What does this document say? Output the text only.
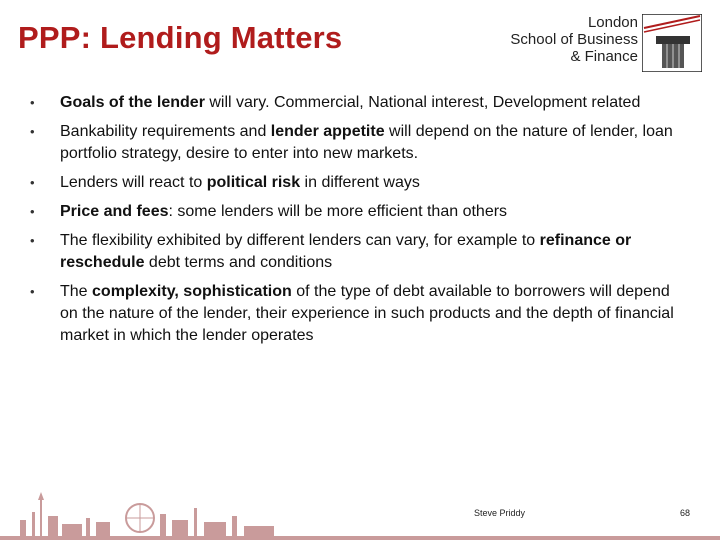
PPP: Lending Matters	London
School of Business
& Finance
• Goals of the lender will vary. Commercial, National interest, Development related
• Bankability requirements and lender appetite will depend on the nature of lender, loan portfolio strategy, desire to enter into new markets.
• Lenders will react to political risk in different ways
• Price and fees: some lenders will be more efficient than others
• The flexibility exhibited by different lenders can vary, for example to refinance or reschedule debt terms and conditions
• The complexity, sophistication of the type of debt available to borrowers will depend on the nature of the lender, their experience in such products and the depth of financial market in which the lender operates
Steve Priddy	68
